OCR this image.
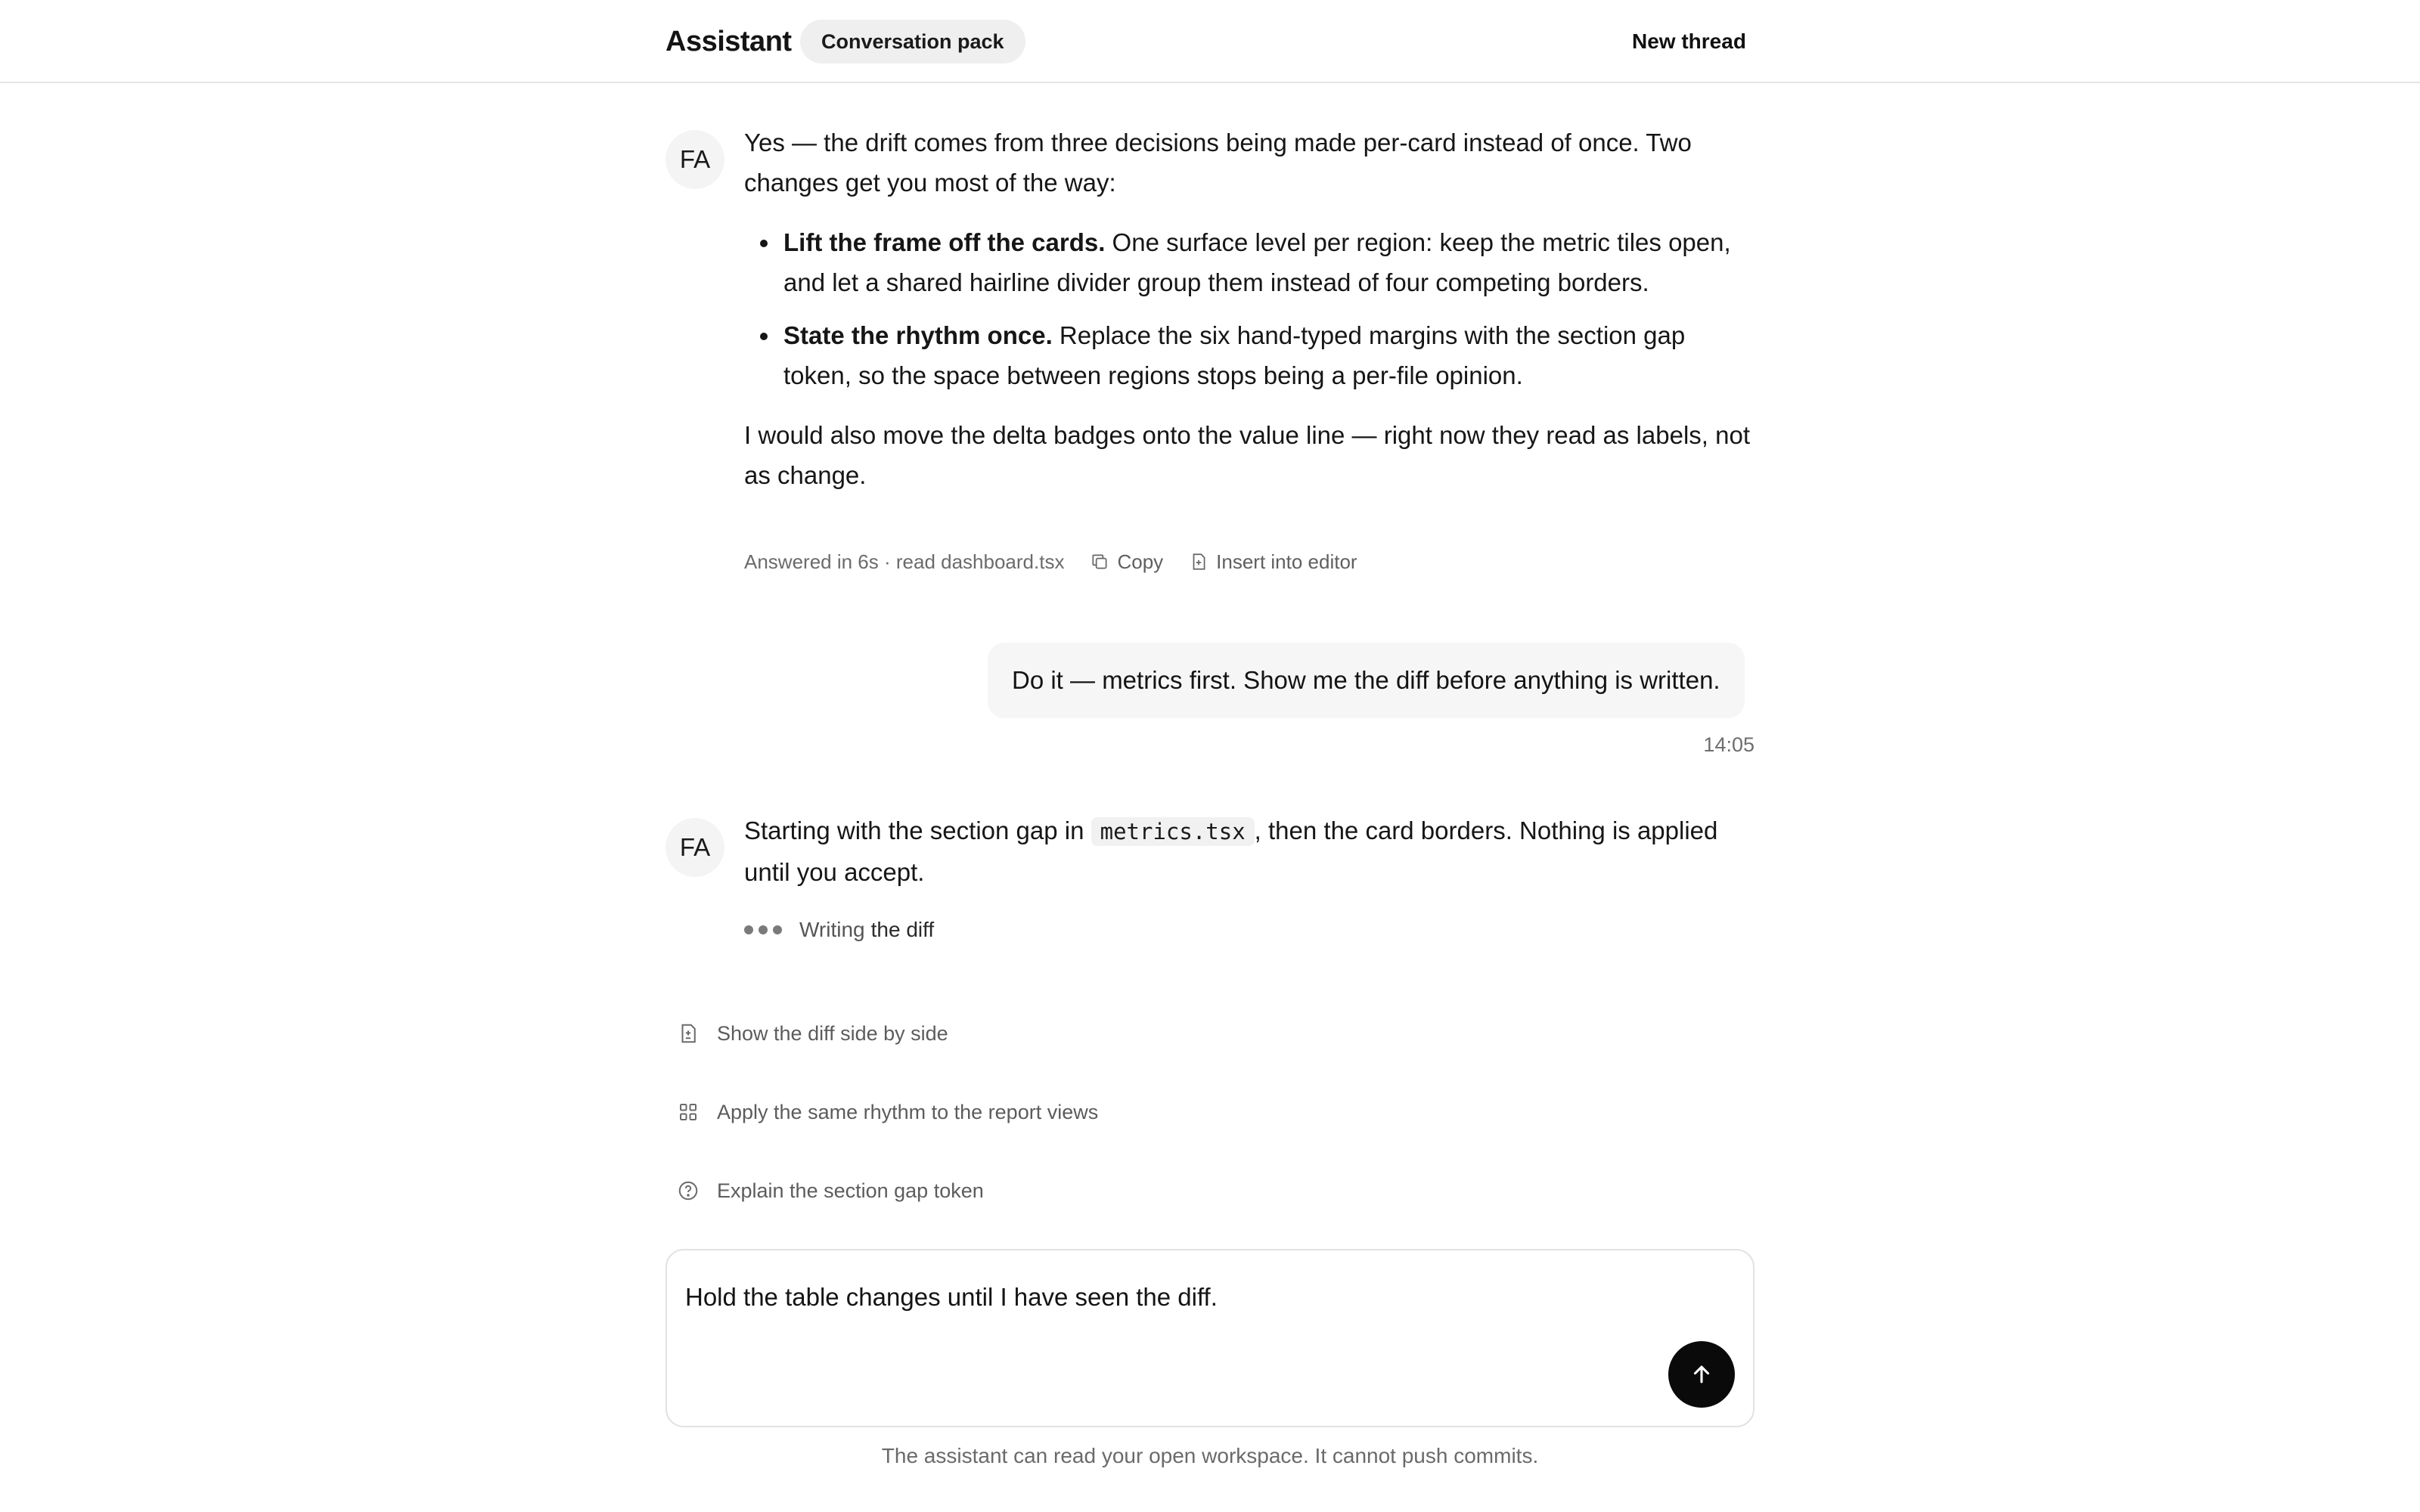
Assistant	Conversation pack	New thread
FA

Yes — the drift comes from three decisions being made per-card instead of once. Two changes get you most of the way:

• Lift the frame off the cards. One surface level per region: keep the metric tiles open, and let a shared hairline divider group them instead of four competing borders.
• State the rhythm once. Replace the six hand-typed margins with the section gap token, so the space between regions stops being a per-file opinion.

I would also move the delta badges onto the value line — right now they read as labels, not as change.

Answered in 6s · read dashboard.tsx	Copy	Insert into editor
Do it — metrics first. Show me the diff before anything is written.
14:05
FA

Starting with the section gap in metrics.tsx , then the card borders. Nothing is applied until you accept.

Writing the diff
Show the diff side by side
Apply the same rhythm to the report views
Explain the section gap token
Hold the table changes until I have seen the diff.
The assistant can read your open workspace. It cannot push commits.
